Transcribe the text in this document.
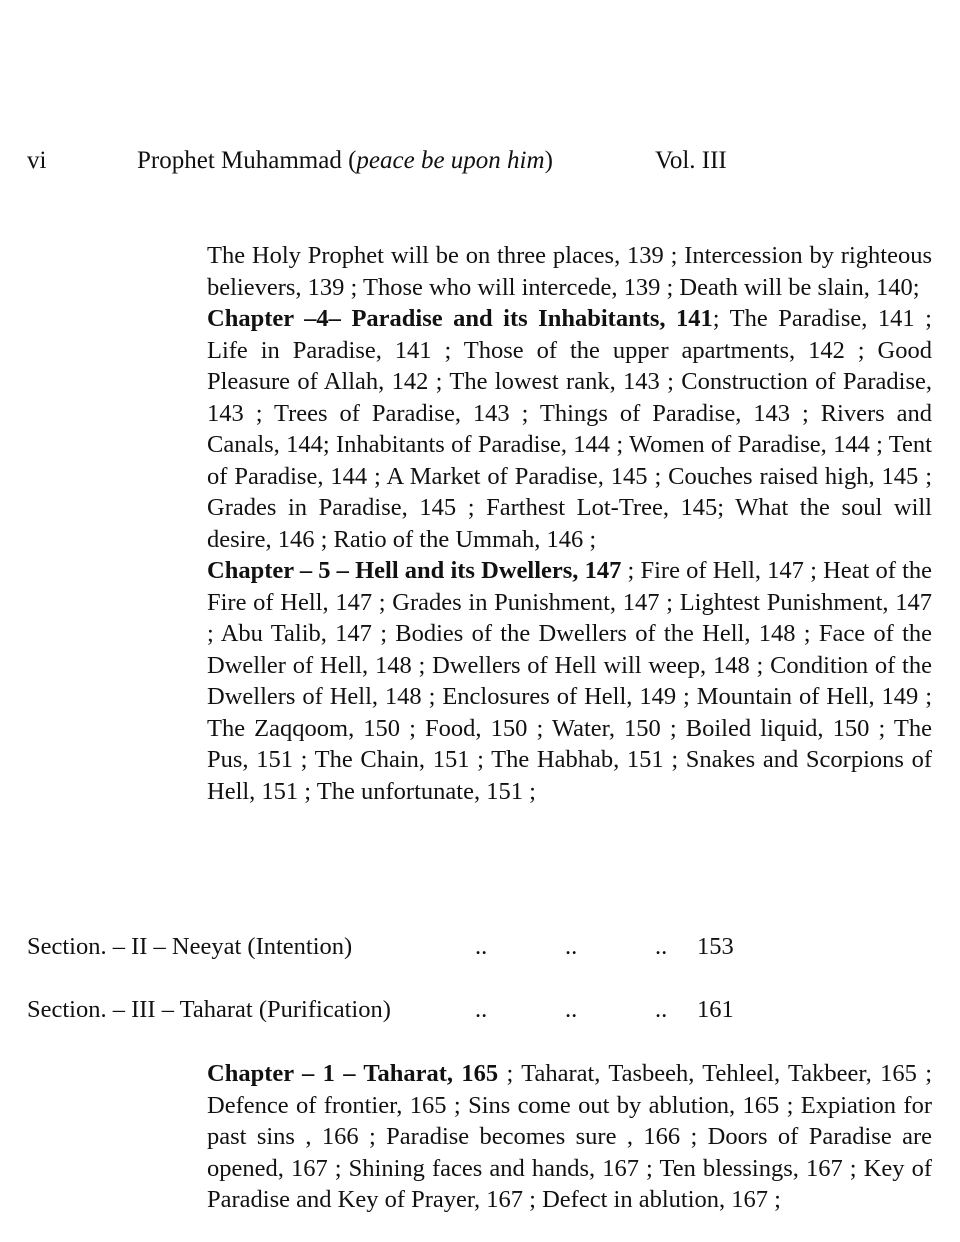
vi	Prophet Muhammad (peace be upon him)	Vol. III

The Holy Prophet will be on three places, 139 ; Intercession by righteous believers, 139 ; Those who will intercede, 139 ; Death will be slain, 140;

Chapter –4– Paradise and its Inhabitants, 141; The Paradise, 141 ; Life in Paradise, 141 ; Those of the upper apartments, 142 ; Good Pleasure of Allah, 142 ; The lowest rank, 143 ; Construction of Paradise, 143 ; Trees of Paradise, 143 ; Things of Paradise, 143 ; Rivers and Canals, 144; Inhabitants of Paradise, 144 ; Women of Paradise, 144 ; Tent of Paradise, 144 ; A Market of Paradise, 145 ; Couches raised high, 145 ; Grades in Paradise, 145 ; Farthest Lot-Tree, 145; What the soul will desire, 146 ; Ratio of the Ummah, 146 ;

Chapter – 5 – Hell and its Dwellers, 147 ; Fire of Hell, 147 ; Heat of the Fire of Hell, 147 ; Grades in Punishment, 147 ; Lightest Punishment, 147 ; Abu Talib, 147 ; Bodies of the Dwellers of the Hell, 148 ; Face of the Dweller of Hell, 148 ; Dwellers of Hell will weep, 148 ; Condition of the Dwellers of Hell, 148 ; Enclosures of Hell, 149 ; Mountain of Hell, 149 ; The Zaqqoom, 150 ; Food, 150 ; Water, 150 ; Boiled liquid, 150 ; The Pus, 151 ; The Chain, 151 ; The Habhab, 151 ; Snakes and Scorpions of Hell, 151 ; The unfortunate, 151 ;

Section. – II – Neeyat (Intention)	..	..	.. 153
Section. – III – Taharat (Purification)	..	..	.. 161

Chapter – 1 – Taharat, 165 ; Taharat, Tasbeeh, Tehleel, Takbeer, 165 ; Defence of frontier, 165 ; Sins come out by ablution, 165 ; Expiation for past sins , 166 ; Paradise becomes sure , 166 ; Doors of Paradise are opened, 167 ; Shining faces and hands, 167 ; Ten blessings, 167 ; Key of Paradise and Key of Prayer, 167 ; Defect in ablution, 167 ;
